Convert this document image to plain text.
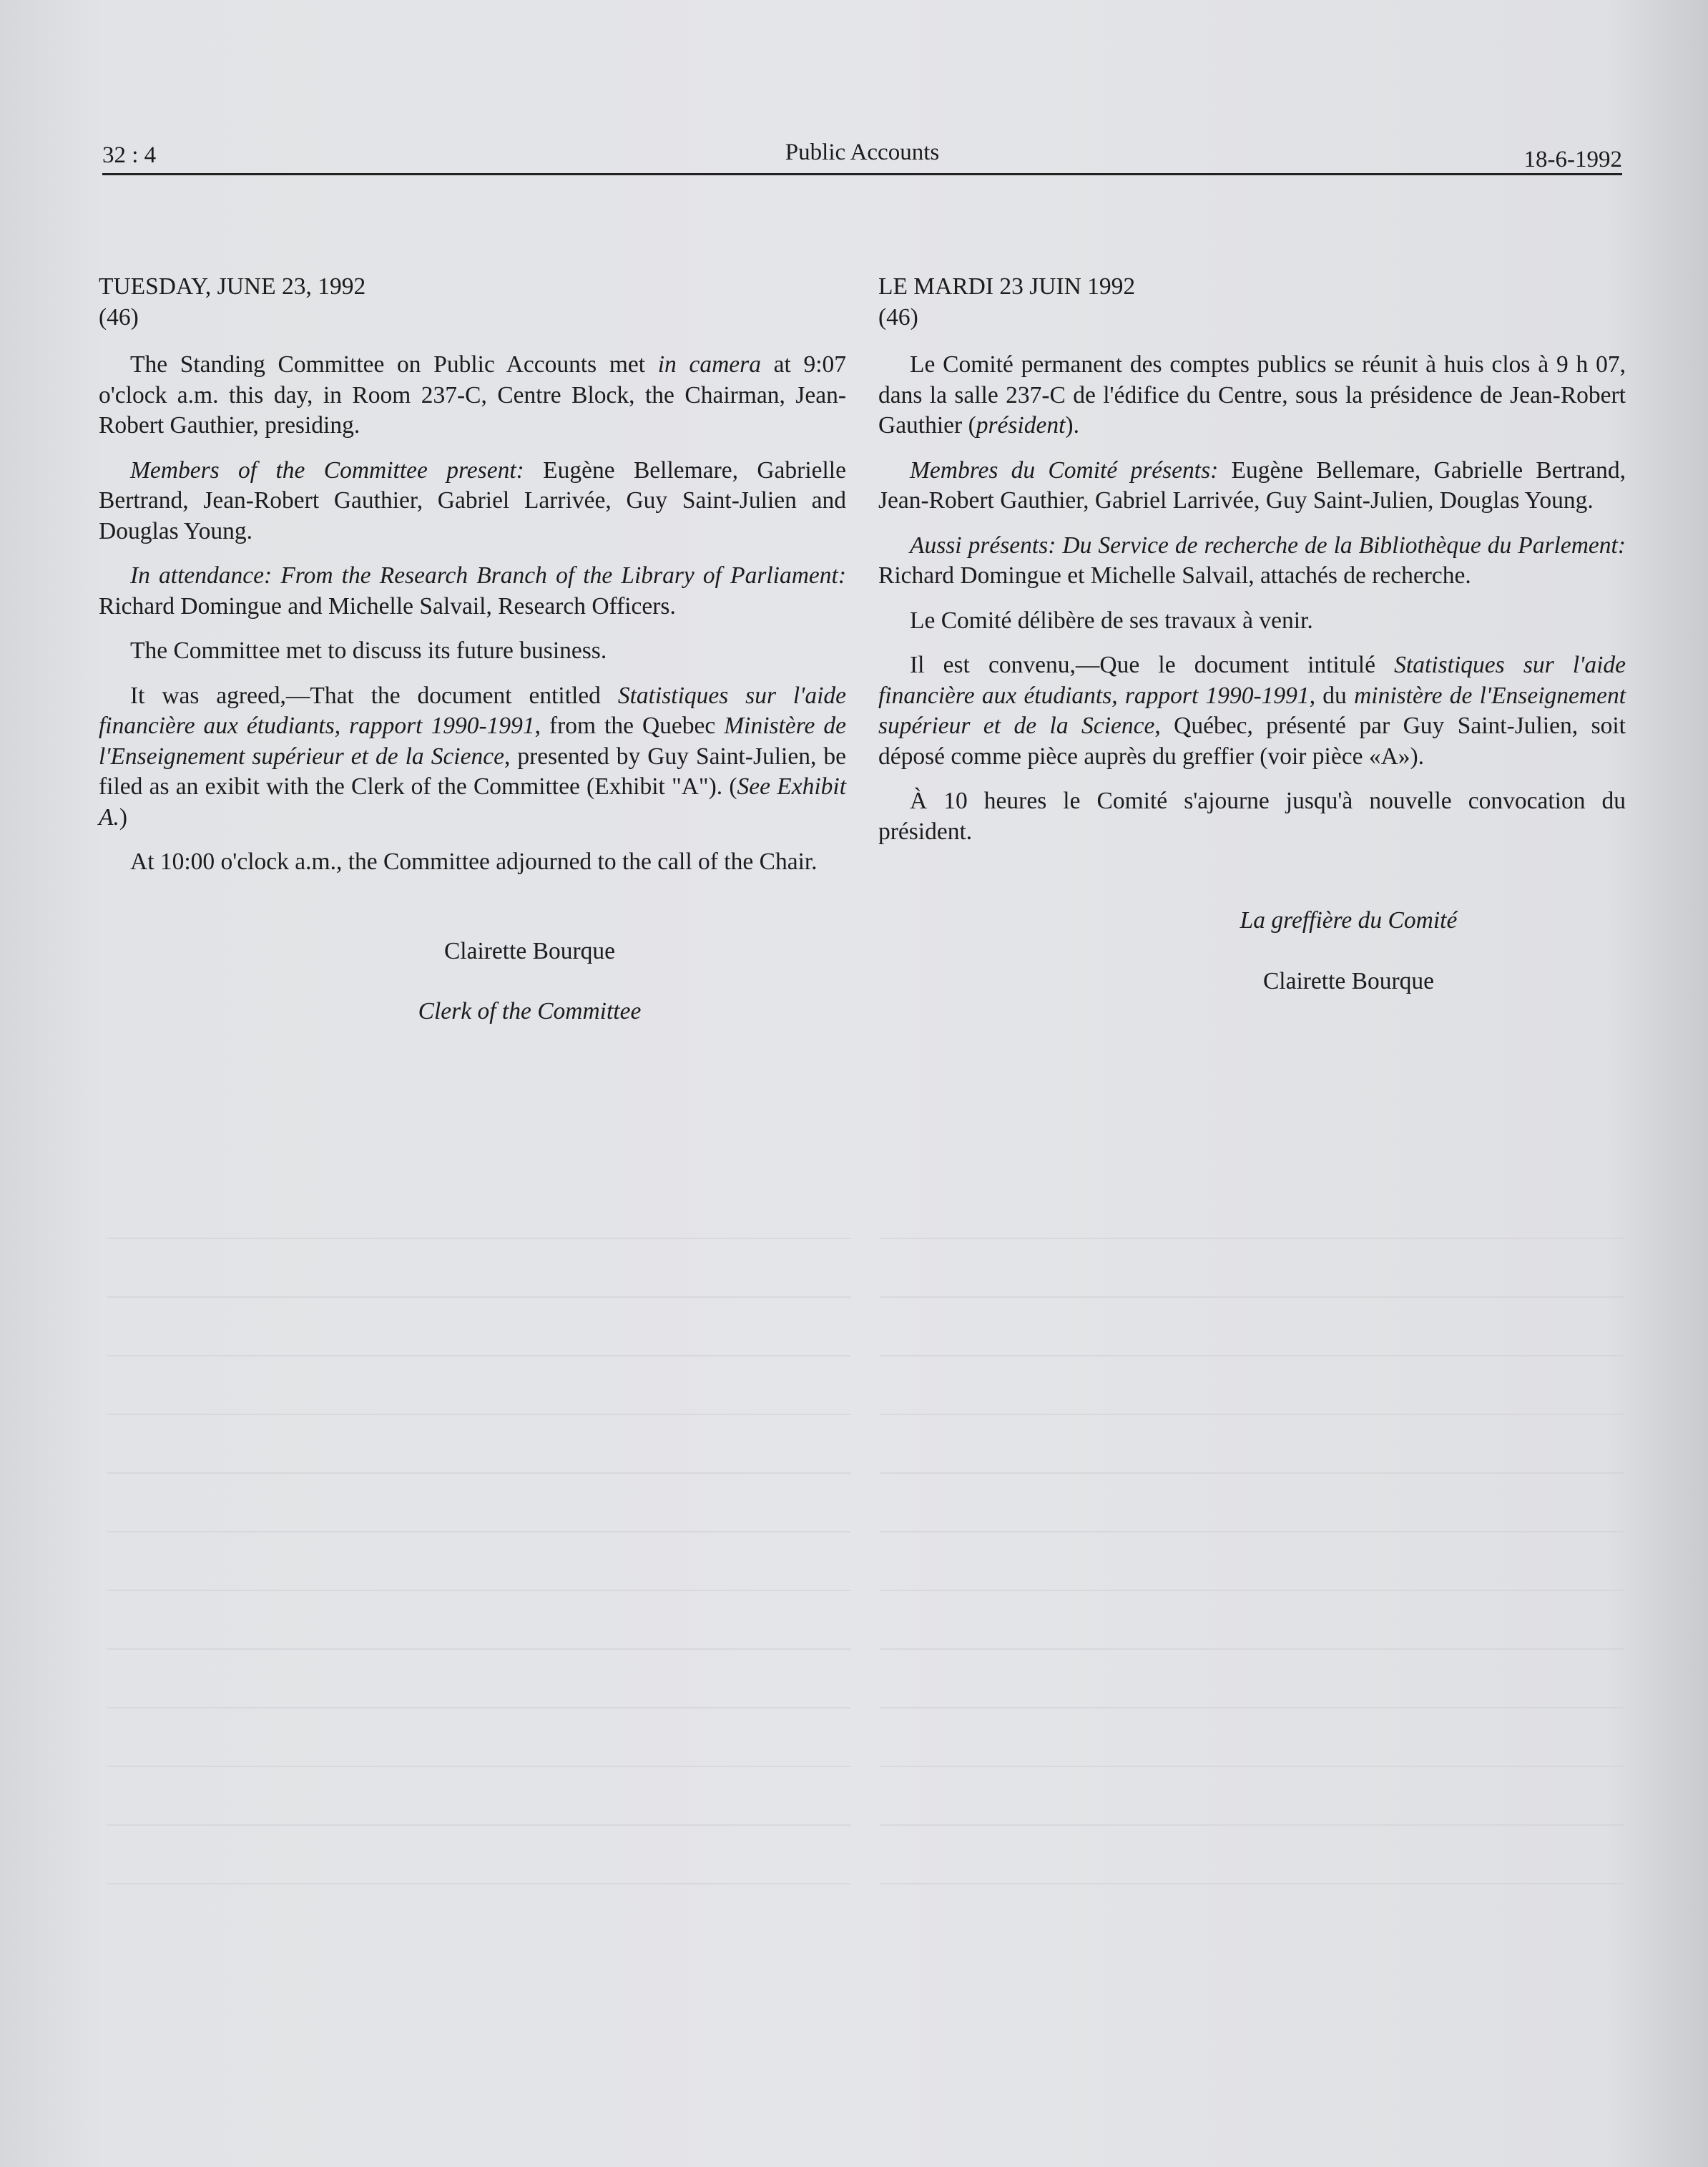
32 : 4	Public Accounts	18-6-1992

TUESDAY, JUNE 23, 1992

(46)

The Standing Committee on Public Accounts met in camera at 9:07 o'clock a.m. this day, in Room 237-C, Centre Block, the Chairman, Jean-Robert Gauthier, presiding.

Members of the Committee present: Eugène Bellemare, Gabrielle Bertrand, Jean-Robert Gauthier, Gabriel Larrivée, Guy Saint-Julien and Douglas Young.

In attendance: From the Research Branch of the Library of Parliament: Richard Domingue and Michelle Salvail, Research Officers.

The Committee met to discuss its future business.

It was agreed,—That the document entitled Statistiques sur l'aide financière aux étudiants, rapport 1990-1991, from the Quebec Ministère de l'Enseignement supérieur et de la Science, presented by Guy Saint-Julien, be filed as an exibit with the Clerk of the Committee (Exhibit "A"). (See Exhibit A.)

At 10:00 o'clock a.m., the Committee adjourned to the call of the Chair.

Clairette Bourque
Clerk of the Committee

LE MARDI 23 JUIN 1992

(46)

Le Comité permanent des comptes publics se réunit à huis clos à 9 h 07, dans la salle 237-C de l'édifice du Centre, sous la présidence de Jean-Robert Gauthier (président).

Membres du Comité présents: Eugène Bellemare, Gabrielle Bertrand, Jean-Robert Gauthier, Gabriel Larrivée, Guy Saint-Julien, Douglas Young.

Aussi présents: Du Service de recherche de la Bibliothèque du Parlement: Richard Domingue et Michelle Salvail, attachés de recherche.

Le Comité délibère de ses travaux à venir.

Il est convenu,—Que le document intitulé Statistiques sur l'aide financière aux étudiants, rapport 1990-1991, du ministère de l'Enseignement supérieur et de la Science, Québec, présenté par Guy Saint-Julien, soit déposé comme pièce auprès du greffier (voir pièce «A»).

À 10 heures le Comité s'ajourne jusqu'à nouvelle convocation du président.

La greffière du Comité
Clairette Bourque
